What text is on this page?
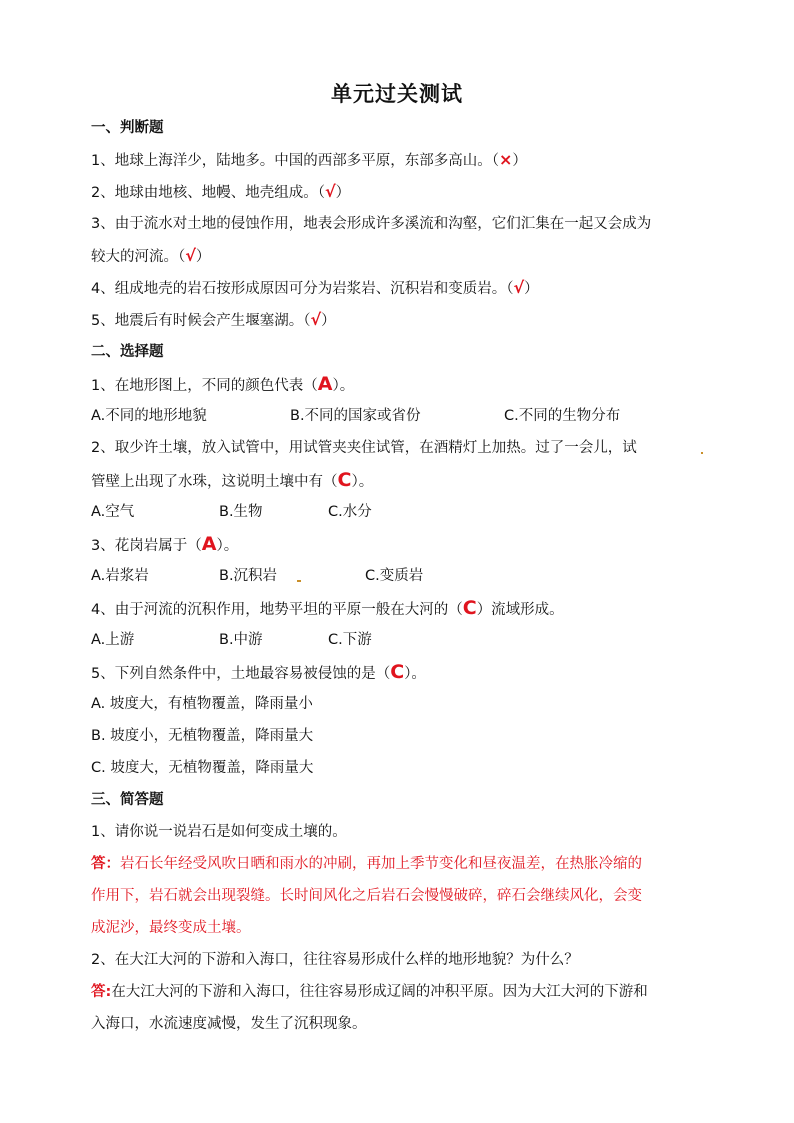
单元过关测试
一、判断题
1、地球上海洋少，陆地多。中国的西部多平原，东部多高山。（×）
2、地球由地核、地幔、地壳组成。（√）
3、由于流水对土地的侵蚀作用，地表会形成许多溪流和沟壑，它们汇集在一起又会成为
较大的河流。（√）
4、组成地壳的岩石按形成原因可分为岩浆岩、沉积岩和变质岩。（√）
5、地震后有时候会产生堰塞湖。（√）
二、选择题
1、在地形图上，不同的颜色代表（A）。
A.不同的地形地貌	B.不同的国家或省份	C.不同的生物分布
2、取少许土壤，放入试管中，用试管夹夹住试管，在酒精灯上加热。过了一会儿，试
管壁上出现了水珠，这说明土壤中有（C）。
A.空气	B.生物	C.水分
3、花岗岩属于（A）。
A.岩浆岩	B.沉积岩	C.变质岩
4、由于河流的沉积作用，地势平坦的平原一般在大河的（C）流域形成。
A.上游	B.中游	C.下游
5、下列自然条件中，土地最容易被侵蚀的是（C）。
A. 坡度大，有植物覆盖，降雨量小
B. 坡度小，无植物覆盖，降雨量大
C. 坡度大，无植物覆盖，降雨量大
三、简答题
1、请你说一说岩石是如何变成土壤的。
答：岩石长年经受风吹日晒和雨水的冲刷，再加上季节变化和昼夜温差，在热胀冷缩的
作用下，岩石就会出现裂缝。长时间风化之后岩石会慢慢破碎，碎石会继续风化，会变
成泥沙，最终变成土壤。
2、在大江大河的下游和入海口，往往容易形成什么样的地形地貌？为什么？
答:在大江大河的下游和入海口，往往容易形成辽阔的冲积平原。因为大江大河的下游和
入海口，水流速度减慢，发生了沉积现象。
